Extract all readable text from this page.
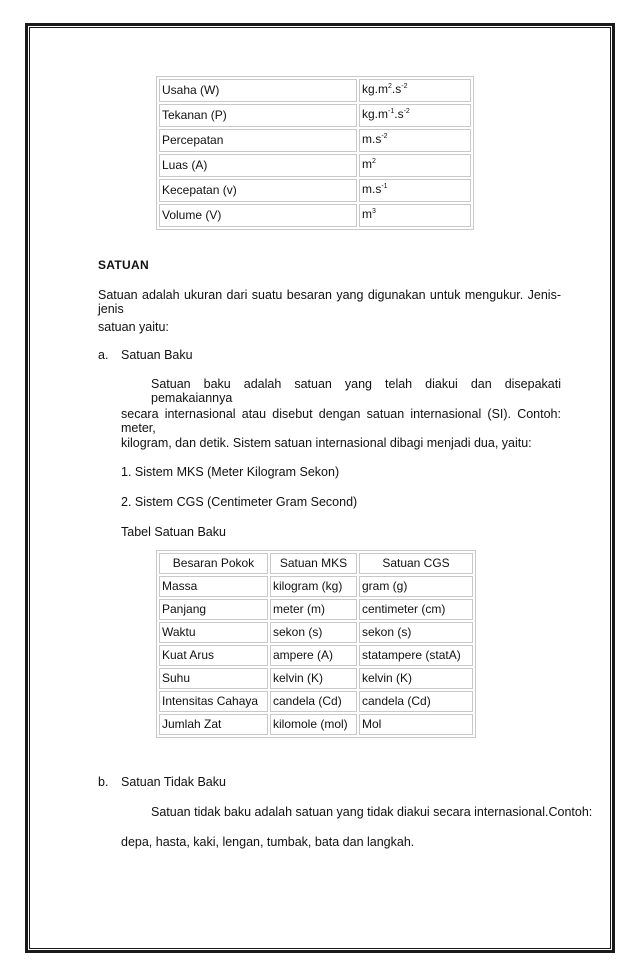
Usaha (W)	$kg.m^2.s^{-2}$
Tekanan (P)	$kg.m^{-1}.s^{-2}$
Percepatan	$m.s^{-2}$
Luas (A)	$m^2$
Kecepatan (v)	$m.s^{-1}$
Volume (V)	$m^3$

SATUAN

Satuan adalah ukuran dari suatu besaran yang digunakan untuk mengukur. Jenis-jenis

satuan yaitu:

a. Satuan Baku

Satuan baku adalah satuan yang telah diakui dan disepakati pemakaiannya

secara internasional atau disebut dengan satuan internasional (SI). Contoh: meter,

kilogram, dan detik. Sistem satuan internasional dibagi menjadi dua, yaitu:

1. Sistem MKS (Meter Kilogram Sekon)

2. Sistem CGS (Centimeter Gram Second)

Tabel Satuan Baku

Besaran Pokok	Satuan MKS	Satuan CGS
Massa	kilogram (kg)	gram (g)
Panjang	meter (m)	centimeter (cm)
Waktu	sekon (s)	sekon (s)
Kuat Arus	ampere (A)	statampere (statA)
Suhu	kelvin (K)	kelvin (K)
Intensitas Cahaya	candela (Cd)	candela (Cd)
Jumlah Zat	kilomole (mol)	Mol

b. Satuan Tidak Baku

Satuan tidak baku adalah satuan yang tidak diakui secara internasional.Contoh:

depa, hasta, kaki, lengan, tumbak, bata dan langkah.
